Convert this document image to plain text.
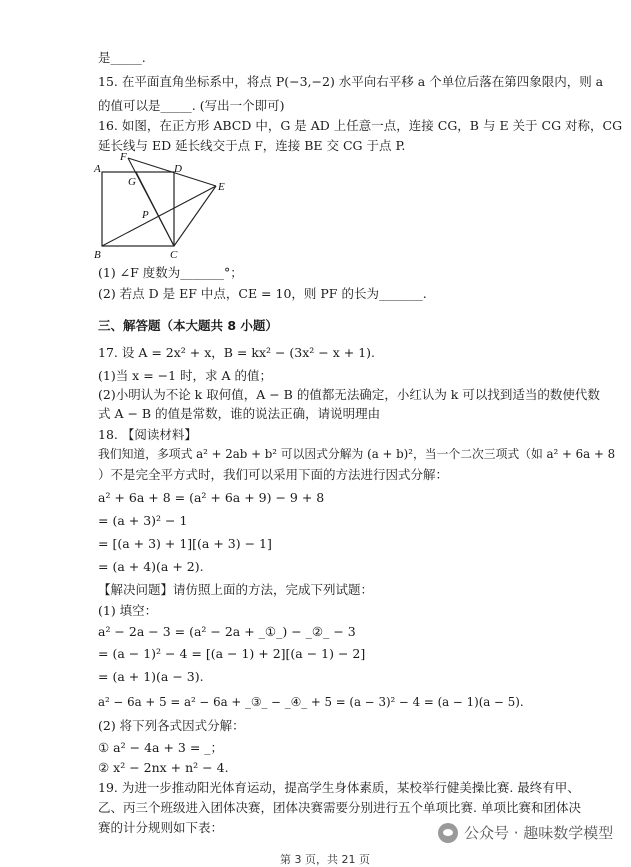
是_____.
15. 在平面直角坐标系中，将点 P(−3,−2) 水平向右平移 a 个单位后落在第四象限内，则 a
的值可以是_____. (写出一个即可)
16. 如图，在正方形 ABCD 中，G 是 AD 上任意一点，连接 CG，B 与 E 关于 CG 对称，CG
延长线与 ED 延长线交于点 F，连接 BE 交 CG 于点 P.
A	D
B	C
G
F
E
P
(1) ∠F 度数为_______°；
(2) 若点 D 是 EF 中点，CE = 10，则 PF 的长为_______.
三、解答题（本大题共 8 小题）
17. 设 A = 2x² + x，B = kx² − (3x² − x + 1).
(1)当 x = −1 时，求 A 的值；
(2)小明认为不论 k 取何值，A − B 的值都无法确定，小红认为 k 可以找到适当的数使代数
式 A − B 的值是常数，谁的说法正确，请说明理由
18. 【阅读材料】
我们知道，多项式 a² + 2ab + b² 可以因式分解为 (a + b)²，当一个二次三项式（如 a² + 6a + 8
）不是完全平方式时，我们可以采用下面的方法进行因式分解：
a² + 6a + 8 = (a² + 6a + 9) − 9 + 8
= (a + 3)² − 1
= [(a + 3) + 1][(a + 3) − 1]
= (a + 4)(a + 2).
【解决问题】请仿照上面的方法，完成下列试题：
(1) 填空：
a² − 2a − 3 = (a² − 2a + _①_) − _②_ − 3
= (a − 1)² − 4 = [(a − 1) + 2][(a − 1) − 2]
= (a + 1)(a − 3).
a² − 6a + 5 = a² − 6a + _③_ − _④_ + 5 = (a − 3)² − 4 = (a − 1)(a − 5).
(2) 将下列各式因式分解：
① a² − 4a + 3 = _；
② x² − 2nx + n² − 4.
19. 为进一步推动阳光体育运动，提高学生身体素质，某校举行健美操比赛. 最终有甲、
乙、丙三个班级进入团体决赛，团体决赛需要分别进行五个单项比赛. 单项比赛和团体决
赛的计分规则如下表：	公众号 · 趣味数学模型
第 3 页，共 21 页
